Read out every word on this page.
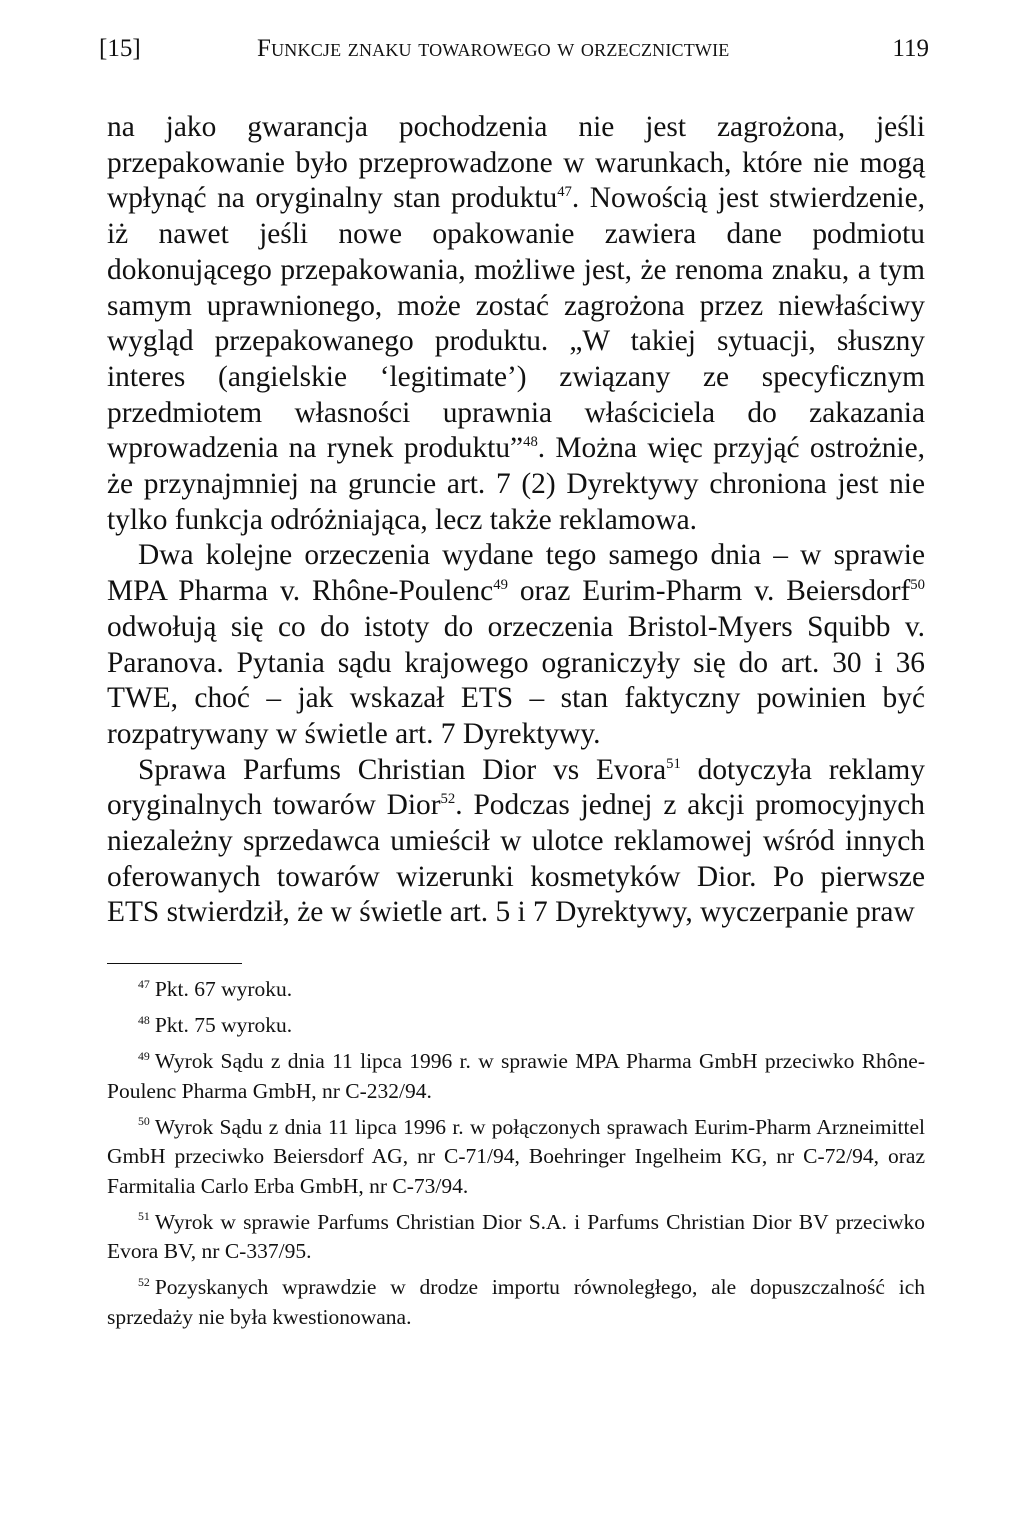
[15]	Funkcje znaku towarowego w orzecznictwie	119

na jako gwarancja pochodzenia nie jest zagrożona, jeśli przepakowanie było przeprowadzone w warunkach, które nie mogą wpłynąć na oryginalny stan produktu$^{47}$. Nowością jest stwierdzenie, iż nawet jeśli nowe opakowanie zawiera dane podmiotu dokonującego przepakowania, możliwe jest, że renoma znaku, a tym samym uprawnionego, może zostać zagrożona przez niewłaściwy wygląd przepakowanego produktu. „W takiej sytuacji, słuszny interes (angielskie ‘legitimate’) związany ze specyficznym przedmiotem własności uprawnia właściciela do zakazania wprowadzenia na rynek produktu”$^{48}$. Można więc przyjąć ostrożnie, że przynajmniej na gruncie art. 7 (2) Dyrektywy chroniona jest nie tylko funkcja odróżniająca, lecz także reklamowa.

Dwa kolejne orzeczenia wydane tego samego dnia – w sprawie MPA Pharma v. Rhône-Poulenc$^{49}$ oraz Eurim-Pharm v. Beiersdorf$^{50}$ odwołują się co do istoty do orzeczenia Bristol-Myers Squibb v. Paranova. Pytania sądu krajowego ograniczyły się do art. 30 i 36 TWE, choć – jak wskazał ETS – stan faktyczny powinien być rozpatrywany w świetle art. 7 Dyrektywy.

Sprawa Parfums Christian Dior vs Evora$^{51}$ dotyczyła reklamy oryginalnych towarów Dior$^{52}$. Podczas jednej z akcji promocyjnych niezależny sprzedawca umieścił w ulotce reklamowej wśród innych oferowanych towarów wizerunki kosmetyków Dior. Po pierwsze ETS stwierdził, że w świetle art. 5 i 7 Dyrektywy, wyczerpanie praw

$^{47}$ Pkt. 67 wyroku.

$^{48}$ Pkt. 75 wyroku.

$^{49}$ Wyrok Sądu z dnia 11 lipca 1996 r. w sprawie MPA Pharma GmbH przeciwko Rhône-Poulenc Pharma GmbH, nr C-232/94.

$^{50}$ Wyrok Sądu z dnia 11 lipca 1996 r. w połączonych sprawach Eurim-Pharm Arzneimittel GmbH przeciwko Beiersdorf AG, nr C-71/94, Boehringer Ingelheim KG, nr C-72/94, oraz Farmitalia Carlo Erba GmbH, nr C-73/94.

$^{51}$ Wyrok w sprawie Parfums Christian Dior S.A. i Parfums Christian Dior BV przeciwko Evora BV, nr C-337/95.

$^{52}$ Pozyskanych wprawdzie w drodze importu równoległego, ale dopuszczalność ich sprzedaży nie była kwestionowana.
